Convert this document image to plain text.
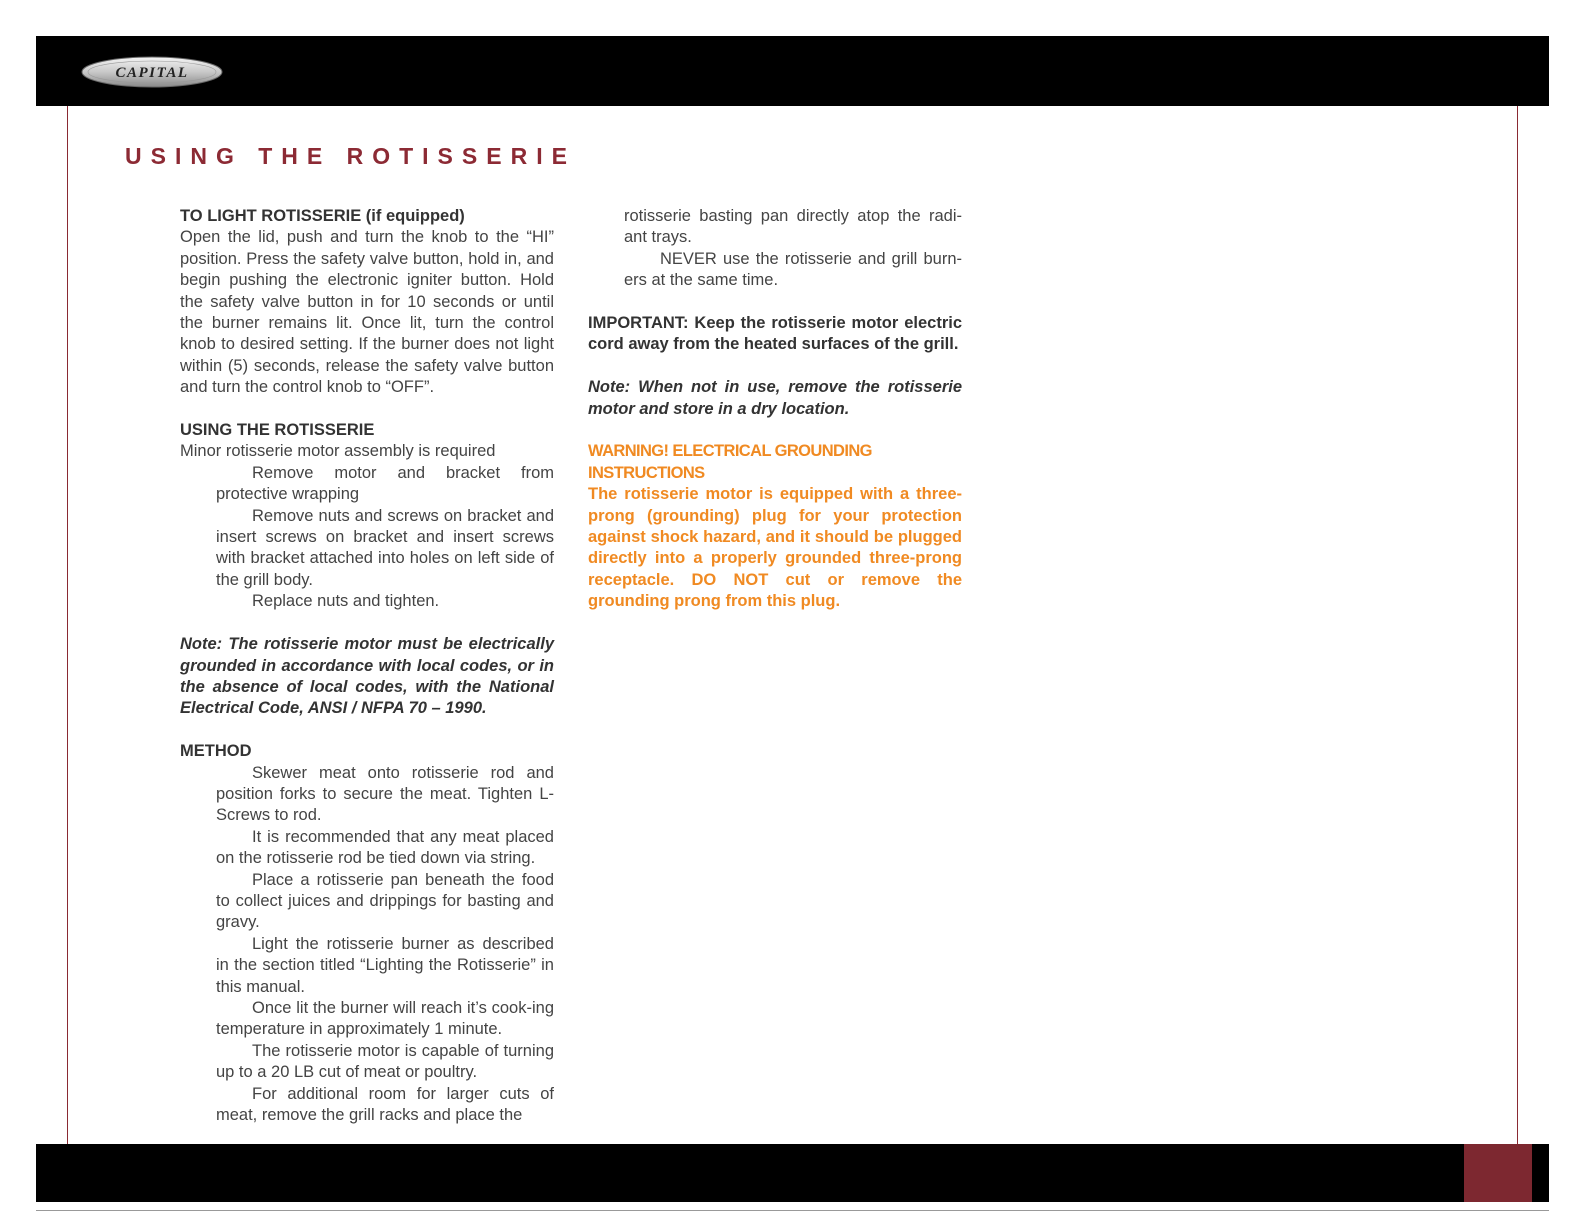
CAPITAL
USING THE ROTISSERIE

TO LIGHT ROTISSERIE (if equipped)

Open the lid, push and turn the knob to the “HI” position. Press the safety valve button, hold in, and begin pushing the electronic igniter button. Hold the safety valve button in for 10 seconds or until the burner remains lit. Once lit, turn the control knob to desired setting. If the burner does not light within (5) seconds, release the safety valve button and turn the control knob to “OFF”.

USING THE ROTISSERIE

Minor rotisserie motor assembly is required

Remove motor and bracket from protective wrapping

Remove nuts and screws on bracket and insert screws on bracket and insert screws with bracket attached into holes on left side of the grill body.

Replace nuts and tighten.

Note: The rotisserie motor must be electrically grounded in accordance with local codes, or in the absence of local codes, with the National Electrical Code, ANSI / NFPA 70 – 1990.

METHOD

Skewer meat onto rotisserie rod and position forks to secure the meat. Tighten L-Screws to rod.

It is recommended that any meat placed on the rotisserie rod be tied down via string.

Place a rotisserie pan beneath the food to collect juices and drippings for basting and gravy.

Light the rotisserie burner as described in the section titled “Lighting the Rotisserie” in this manual.

Once lit the burner will reach it’s cook-ing temperature in approximately 1 minute.

The rotisserie motor is capable of turning up to a 20 LB cut of meat or poultry.

For additional room for larger cuts of meat, remove the grill racks and place the

rotisserie basting pan directly atop the radi-ant trays.

NEVER use the rotisserie and grill burn-ers at the same time.

IMPORTANT: Keep the rotisserie motor electric cord away from the heated surfaces of the grill.

Note: When not in use, remove the rotisserie motor and store in a dry location.

WARNING! ELECTRICAL GROUNDING INSTRUCTIONS

The rotisserie motor is equipped with a three-prong (grounding) plug for your protection against shock hazard, and it should be plugged directly into a properly grounded three-prong receptacle. DO NOT cut or remove the grounding prong from this plug.
